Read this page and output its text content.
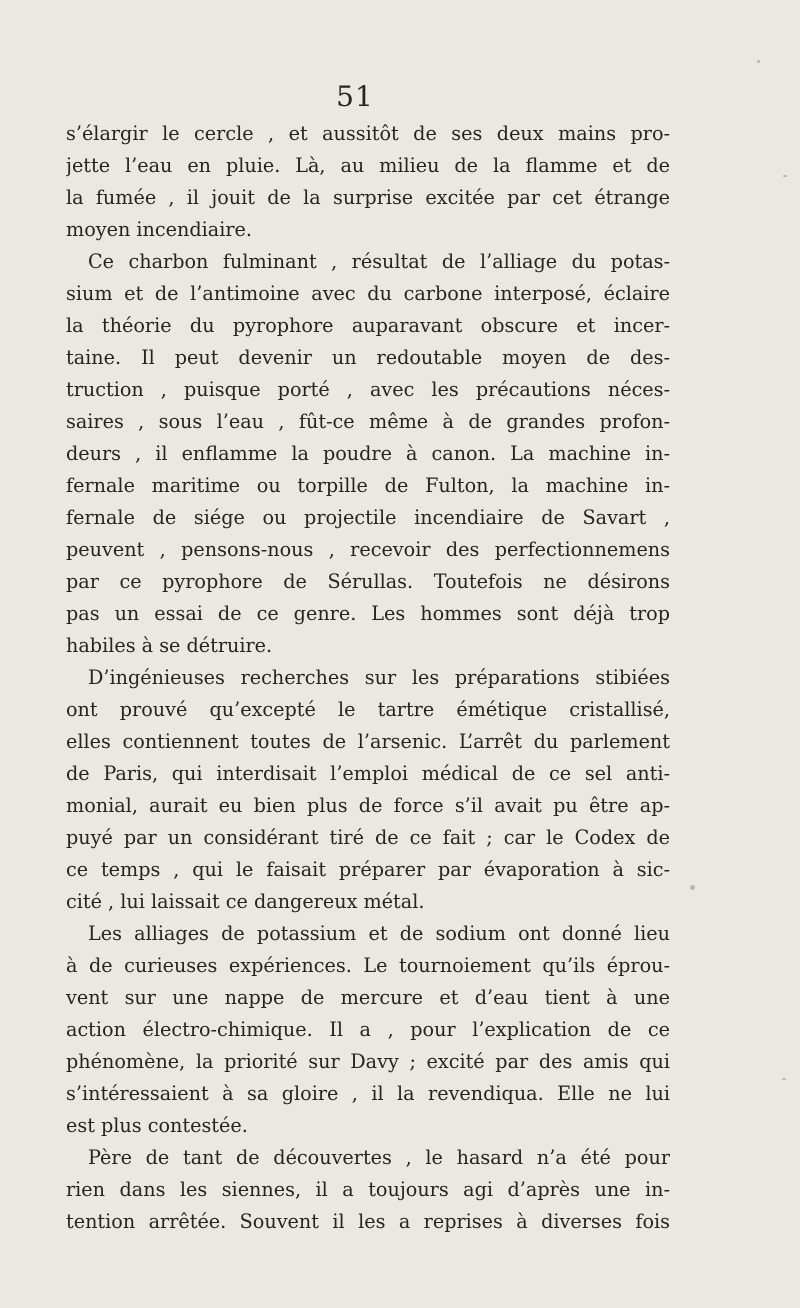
51
s’élargir le cercle , et aussitôt de ses deux mains pro-
jette l’eau en pluie. Là, au milieu de la flamme et de
la fumée , il jouit de la surprise excitée par cet étrange
moyen incendiaire.
Ce charbon fulminant , résultat de l’alliage du potas-
sium et de l’antimoine avec du carbone interposé, éclaire
la théorie du pyrophore auparavant obscure et incer-
taine. Il peut devenir un redoutable moyen de des-
truction , puisque porté , avec les précautions néces-
saires , sous l’eau , fût-ce même à de grandes profon-
deurs , il enflamme la poudre à canon. La machine in-
fernale maritime ou torpille de Fulton, la machine in-
fernale de siége ou projectile incendiaire de Savart ,
peuvent , pensons-nous , recevoir des perfectionnemens
par ce pyrophore de Sérullas. Toutefois ne désirons
pas un essai de ce genre. Les hommes sont déjà trop
habiles à se détruire.
D’ingénieuses recherches sur les préparations stibiées
ont prouvé qu’excepté le tartre émétique cristallisé,
elles contiennent toutes de l’arsenic. L’arrêt du parlement
de Paris, qui interdisait l’emploi médical de ce sel anti-
monial, aurait eu bien plus de force s’il avait pu être ap-
puyé par un considérant tiré de ce fait ; car le Codex de
ce temps , qui le faisait préparer par évaporation à sic-
cité , lui laissait ce dangereux métal.
Les alliages de potassium et de sodium ont donné lieu
à de curieuses expériences. Le tournoiement qu’ils éprou-
vent sur une nappe de mercure et d’eau tient à une
action électro-chimique. Il a , pour l’explication de ce
phénomène, la priorité sur Davy ; excité par des amis qui
s’intéressaient à sa gloire , il la revendiqua. Elle ne lui
est plus contestée.
Père de tant de découvertes , le hasard n’a été pour
rien dans les siennes, il a toujours agi d’après une in-
tention arrêtée. Souvent il les a reprises à diverses fois
